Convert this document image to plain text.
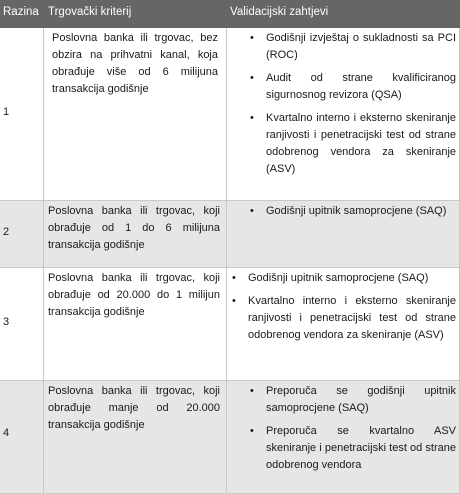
Razina Trgovački kriterij	Validacijski zahtjevi
1
Poslovna banka ili trgovac, bez obzira na prihvatni kanal, koja obrađuje više od 6 milijuna transakcija godišnje
• Godišnji izvještaj o sukladnosti sa PCI (ROC)
• Audit od strane kvalificiranog sigurnosnog revizora (QSA)
• Kvartalno interno i eksterno skeniranje ranjivosti i penetracijski test od strane odobrenog vendora za skeniranje (ASV)
2
Poslovna banka ili trgovac, koji obrađuje od 1 do 6 milijuna transakcija godišnje
• Godišnji upitnik samoprocjene (SAQ)
3
Poslovna banka ili trgovac, koji obrađuje od 20.000 do 1 milijun transakcija godišnje
• Godišnji upitnik samoprocjene (SAQ)
• Kvartalno interno i eksterno skeniranje ranjivosti i penetracijski test od strane odobrenog vendora za skeniranje (ASV)
4
Poslovna banka ili trgovac, koji obrađuje manje od 20.000 transakcija godišnje
• Preporuča se godišnji upitnik samoprocjene (SAQ)
• Preporuča se kvartalno ASV skeniranje i penetracijski test od strane odobrenog vendora
